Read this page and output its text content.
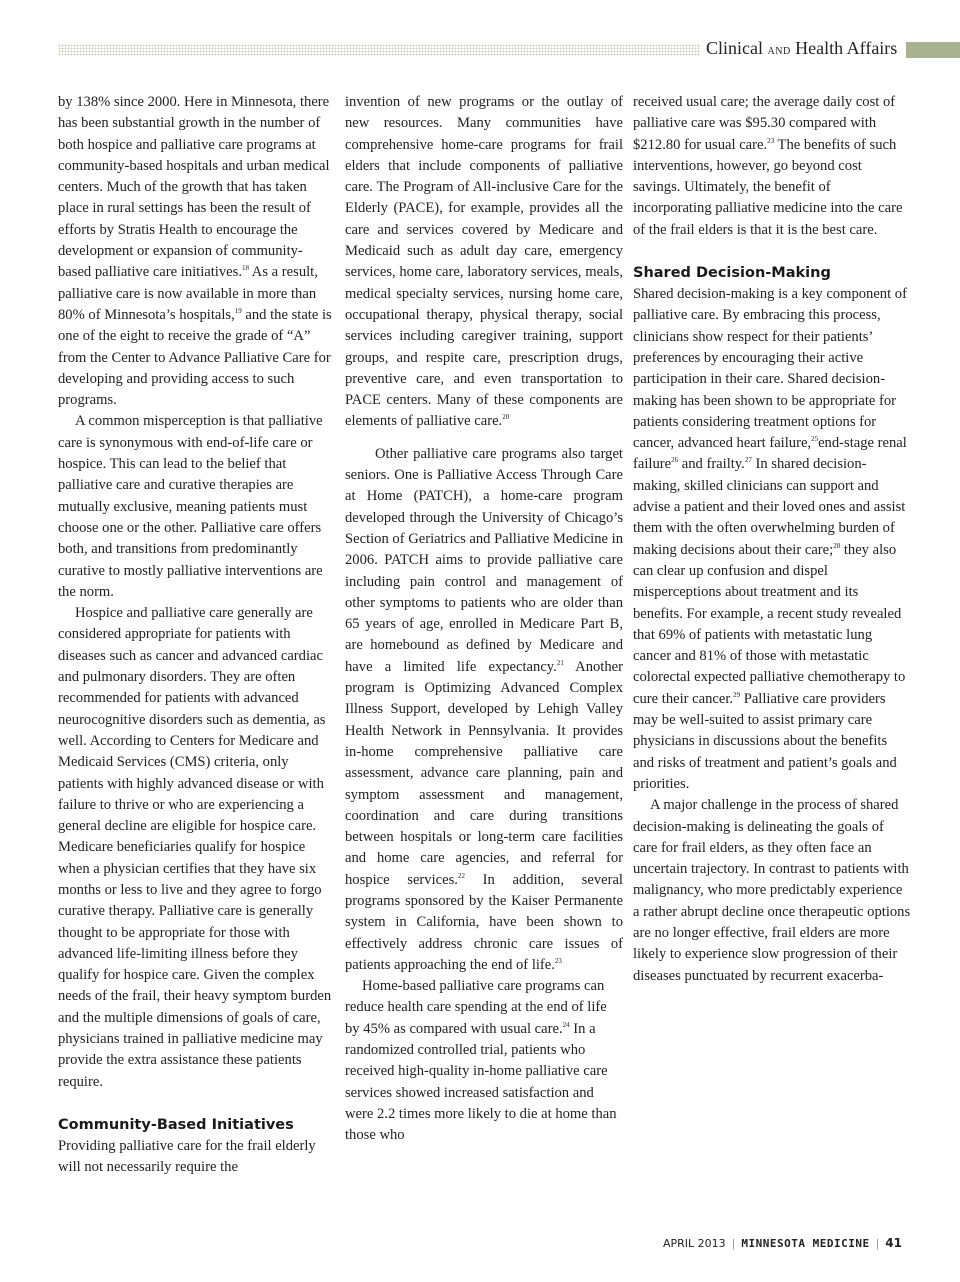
Clinical AND Health Affairs

by 138% since 2000. Here in Minnesota, there has been substantial growth in the number of both hospice and palliative care programs at community-based hospitals and urban medical centers. Much of the growth that has taken place in rural settings has been the result of efforts by Stratis Health to encourage the development or expansion of community-based palliative care initiatives.$^{18}$ As a result, palliative care is now available in more than 80% of Minnesota’s hospitals,$^{19}$ and the state is one of the eight to receive the grade of “A” from the Center to Advance Palliative Care for developing and providing access to such programs.

A common misperception is that palliative care is synonymous with end-of-life care or hospice. This can lead to the belief that palliative care and curative therapies are mutually exclusive, meaning patients must choose one or the other. Palliative care offers both, and transitions from predominantly curative to mostly palliative interventions are the norm.

Hospice and palliative care generally are considered appropriate for patients with diseases such as cancer and advanced cardiac and pulmonary disorders. They are often recommended for patients with advanced neurocognitive disorders such as dementia, as well. According to Centers for Medicare and Medicaid Services (CMS) criteria, only patients with highly advanced disease or with failure to thrive or who are experiencing a general decline are eligible for hospice care. Medicare beneficiaries qualify for hospice when a physician certifies that they have six months or less to live and they agree to forgo curative therapy. Palliative care is generally thought to be appropriate for those with advanced life-limiting illness before they qualify for hospice care. Given the complex needs of the frail, their heavy symptom burden and the multiple dimensions of goals of care, physicians trained in palliative medicine may provide the extra assistance these patients require.

Community-Based Initiatives

Providing palliative care for the frail elderly will not necessarily require the

invention of new programs or the outlay of new resources. Many communities have comprehensive home-care programs for frail elders that include components of palliative care. The Program of All-inclusive Care for the Elderly (PACE), for example, provides all the care and services covered by Medicare and Medicaid such as adult day care, emergency services, home care, laboratory services, meals, medical specialty services, nursing home care, occupational therapy, physical therapy, social services including caregiver training, support groups, and respite care, prescription drugs, preventive care, and even transportation to PACE centers. Many of these components are elements of palliative care.$^{20}$

Other palliative care programs also target seniors. One is Palliative Access Through Care at Home (PATCH), a home-care program developed through the University of Chicago’s Section of Geriatrics and Palliative Medicine in 2006. PATCH aims to provide palliative care including pain control and management of other symptoms to patients who are older than 65 years of age, enrolled in Medicare Part B, are homebound as defined by Medicare and have a limited life expectancy.$^{21}$ Another program is Optimizing Advanced Complex Illness Support, developed by Lehigh Valley Health Network in Pennsylvania. It provides in-home comprehensive palliative care assessment, advance care planning, pain and symptom assessment and management, coordination and care during transitions between hospitals or long-term care facilities and home care agencies, and referral for hospice services.$^{22}$ In addition, several programs sponsored by the Kaiser Permanente system in California, have been shown to effectively address chronic care issues of patients approaching the end of life.$^{23}$

Home-based palliative care programs can reduce health care spending at the end of life by 45% as compared with usual care.$^{24}$ In a randomized controlled trial, patients who received high-quality in-home palliative care services showed increased satisfaction and were 2.2 times more likely to die at home than those who

received usual care; the average daily cost of palliative care was $95.30 compared with $212.80 for usual care.$^{23}$ The benefits of such interventions, however, go beyond cost savings. Ultimately, the benefit of incorporating palliative medicine into the care of the frail elders is that it is the best care.

Shared Decision-Making

Shared decision-making is a key component of palliative care. By embracing this process, clinicians show respect for their patients’ preferences by encouraging their active participation in their care. Shared decision-making has been shown to be appropriate for patients considering treatment options for cancer, advanced heart failure,$^{25}$end-stage renal failure$^{26}$ and frailty.$^{27}$ In shared decision-making, skilled clinicians can support and advise a patient and their loved ones and assist them with the often overwhelming burden of making decisions about their care;$^{28}$ they also can clear up confusion and dispel misperceptions about treatment and its benefits. For example, a recent study revealed that 69% of patients with metastatic lung cancer and 81% of those with metastatic colorectal expected palliative chemotherapy to cure their cancer.$^{29}$ Palliative care providers may be well-suited to assist primary care physicians in discussions about the benefits and risks of treatment and patient’s goals and priorities.

A major challenge in the process of shared decision-making is delineating the goals of care for frail elders, as they often face an uncertain trajectory. In contrast to patients with malignancy, who more predictably experience a rather abrupt decline once therapeutic options are no longer effective, frail elders are more likely to experience slow progression of their diseases punctuated by recurrent exacerba-

APRIL 2013 | MINNESOTA MEDICINE | 41
